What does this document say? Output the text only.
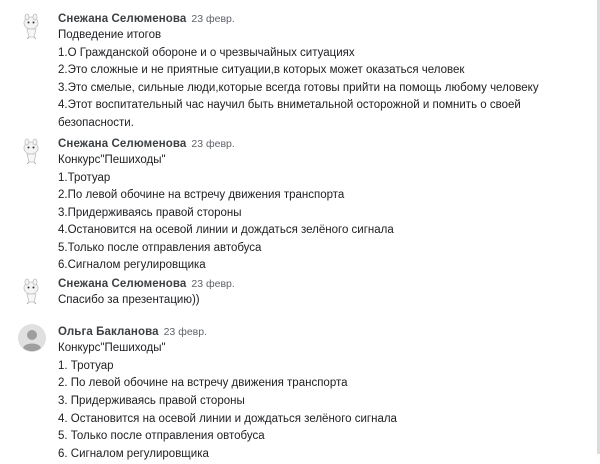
Снежана Селюменова 23 февр.
Подведение итогов
1.О Гражданской обороне и о чрезвычайных ситуациях
2.Это сложные и не приятные ситуации,в которых может оказаться человек
3.Это смелые, сильные люди,которые всегда готовы прийти на помощь любому человеку
4.Этот воспитательный час научил быть вниметальной осторожной и помнить о своей
безопасности.
Снежана Селюменова 23 февр.
Конкурс"Пешиходы"
1.Тротуар
2.По левой обочине на встречу движения транспорта
3.Придерживаясь правой стороны
4.Остановится на осевой линии и дождаться зелёного сигнала
5.Только после отправления автобуса
6.Сигналом регулировщика
Снежана Селюменова 23 февр.
Спасибо за презентацию))
Ольга Бакланова 23 февр.
Конкурс"Пешиходы"
1. Тротуар
2. По левой обочине на встречу движения транспорта
3. Придерживаясь правой стороны
4. Остановится на осевой линии и дождаться зелёного сигнала
5. Только после отправления овтобуса
6. Сигналом регулировщика
